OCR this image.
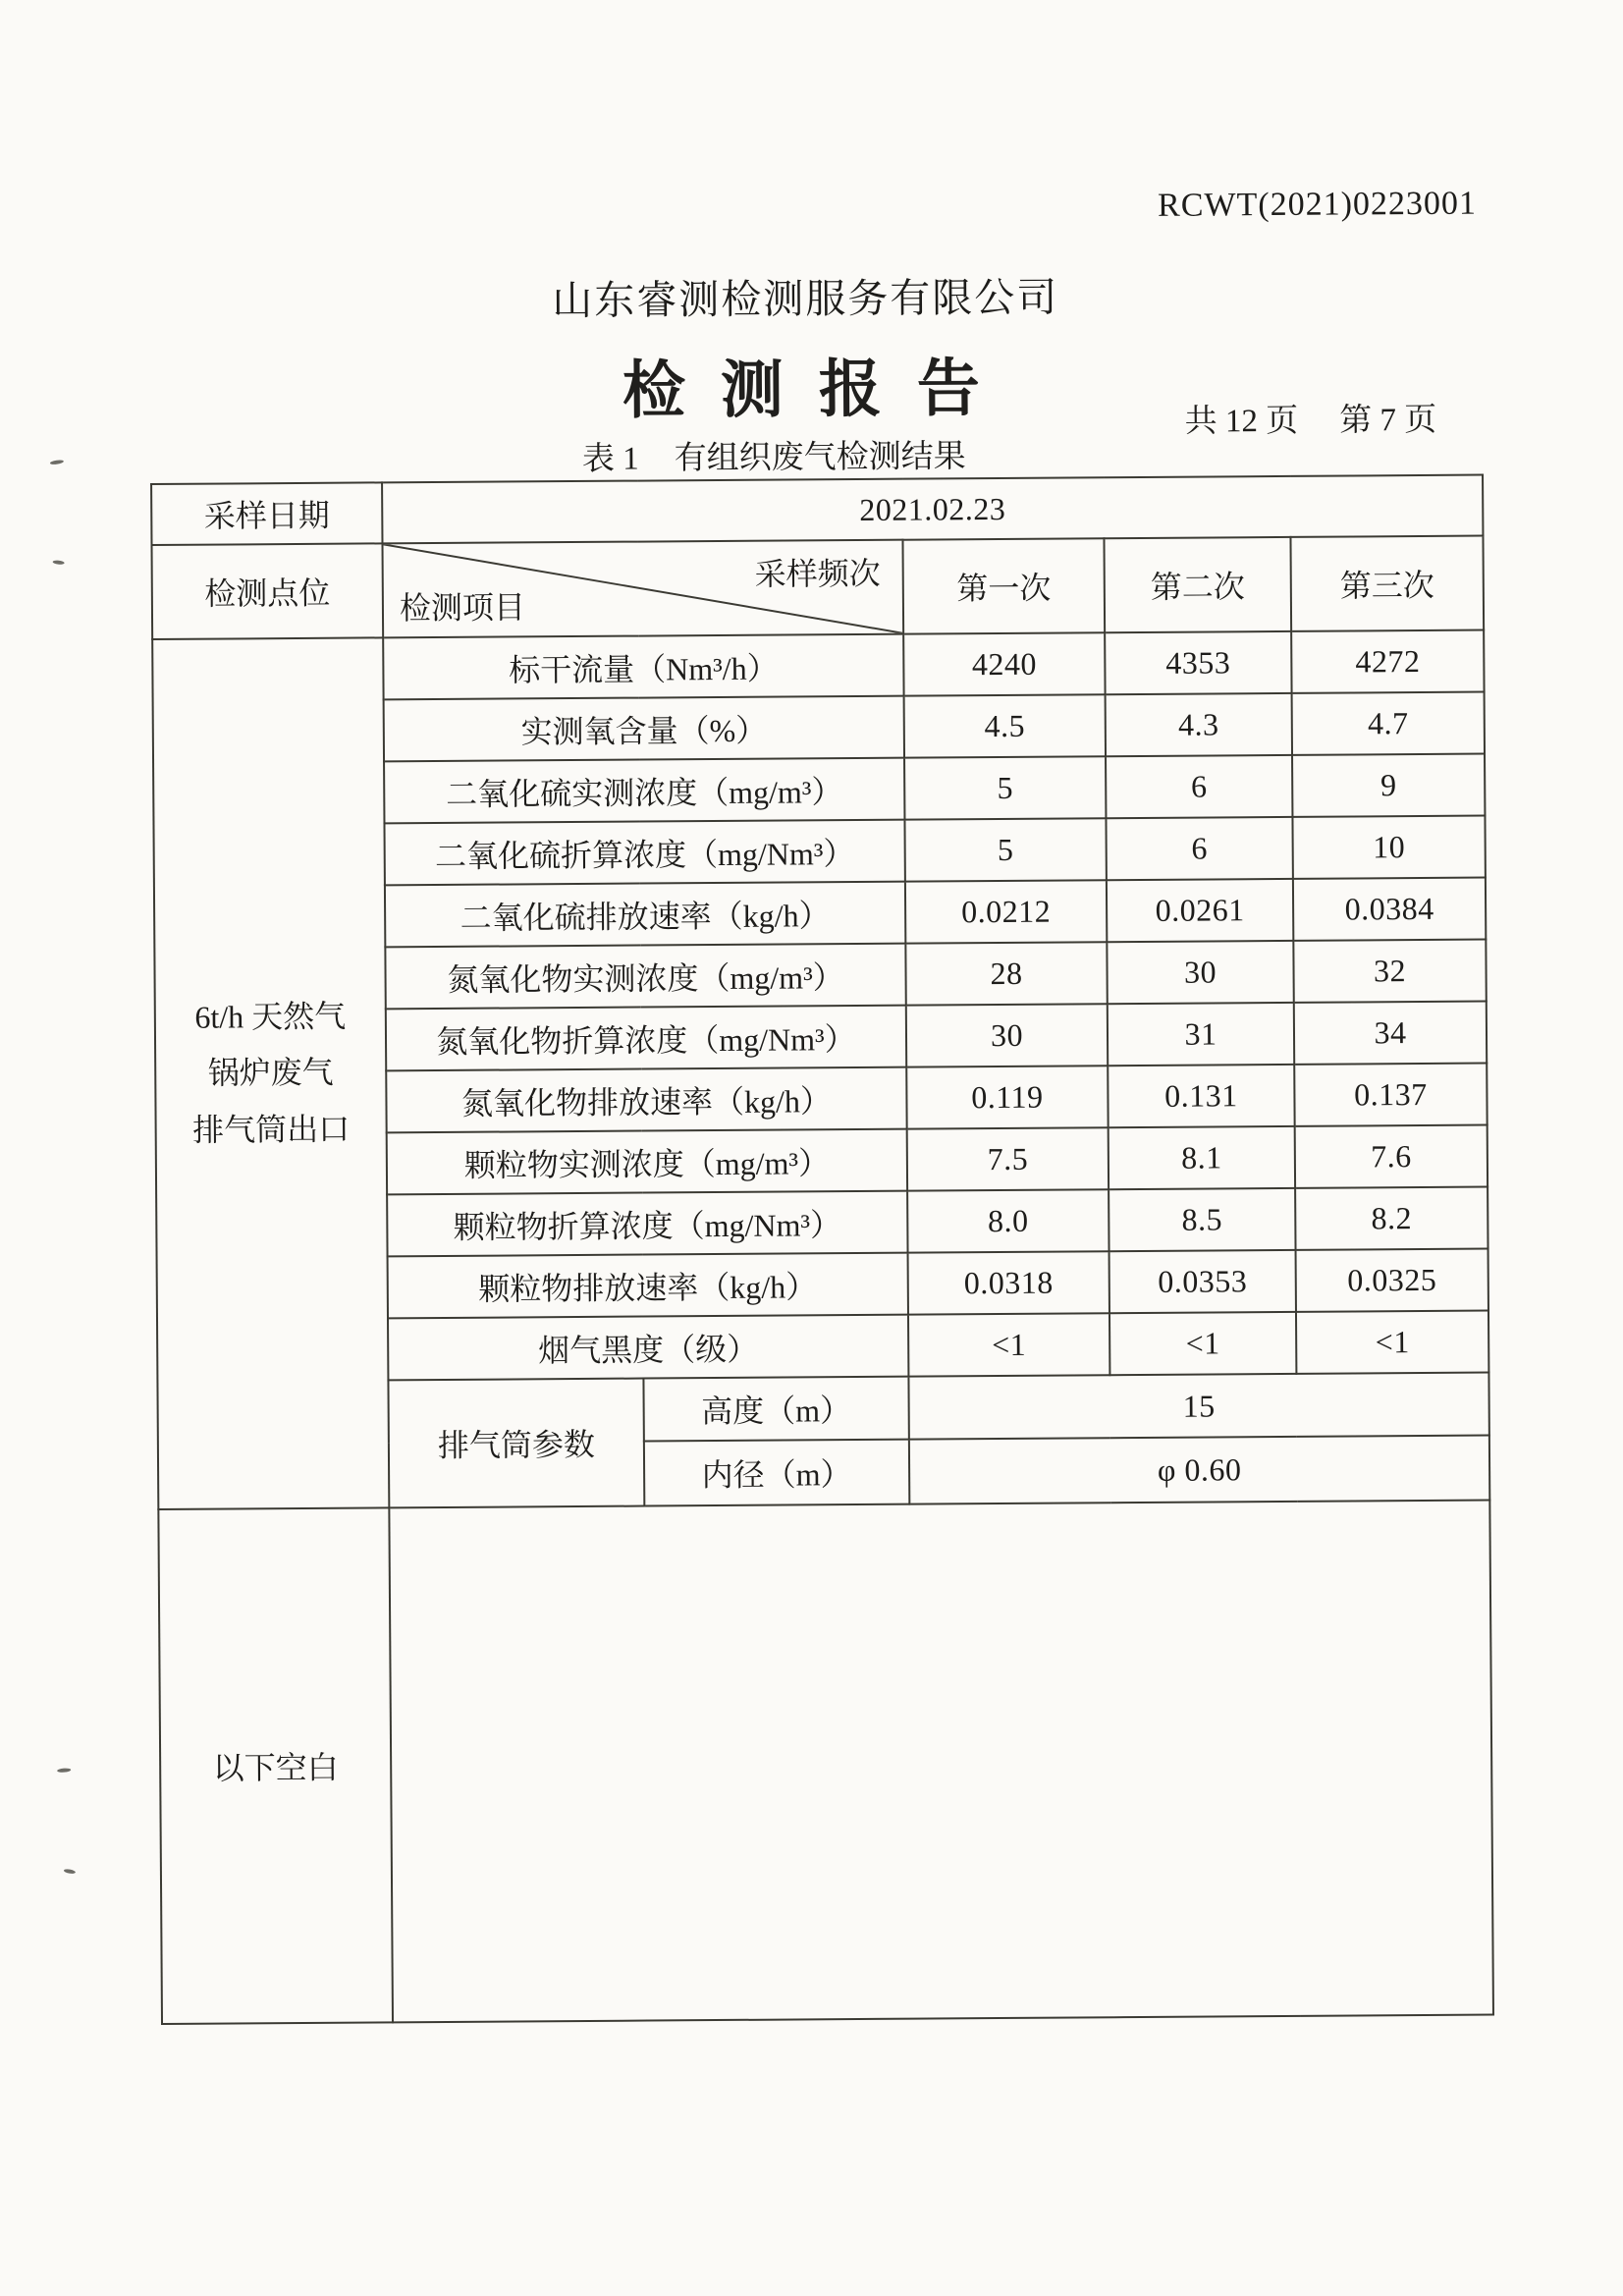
RCWT(2021)0223001
山东睿测检测服务有限公司
检 测 报 告
表 1 有组织废气检测结果
共 12 页 第 7 页
采样日期	2021.02.23				
检测点位	采样频次
检测项目		第一次	第二次	第三次

6t/h 天然气
锅炉废气
排气筒出口	标干流量（Nm³/h）		4240	4353	4272
	实测氧含量（%）		4.5	4.3	4.7
	二氧化硫实测浓度（mg/m³）		5	6	9
	二氧化硫折算浓度（mg/Nm³）		5	6	10
	二氧化硫排放速率（kg/h）		0.0212	0.0261	0.0384
	氮氧化物实测浓度（mg/m³）		28	30	32
	氮氧化物折算浓度（mg/Nm³）		30	31	34
	氮氧化物排放速率（kg/h）		0.119	0.131	0.137
	颗粒物实测浓度（mg/m³）		7.5	8.1	7.6
	颗粒物折算浓度（mg/Nm³）		8.0	8.5	8.2
	颗粒物排放速率（kg/h）		0.0318	0.0353	0.0325
	烟气黑度（级）		<1	<1	<1
	排气筒参数	高度（m）	15		
		内径（m）	φ 0.60		
以下空白					
